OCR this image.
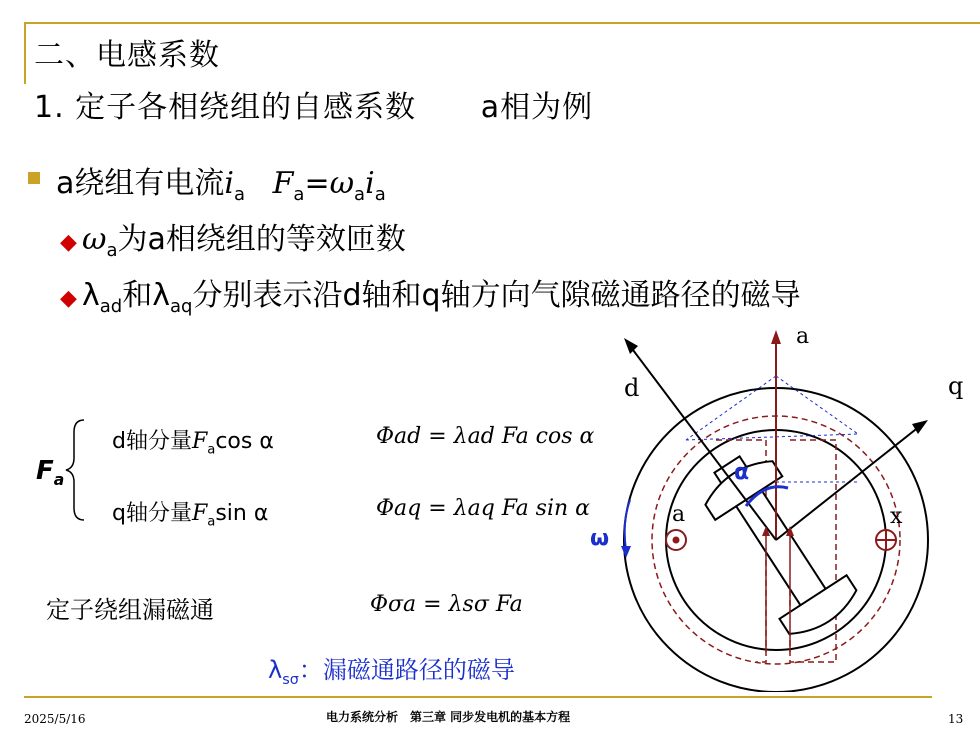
二、电感系数
1. 定子各相绕组的自感系数 a相为例
a绕组有电流$i_a$ $F_a=\omega_ai_a$
◆ $\omega_a$为a相绕组的等效匝数
◆ $\lambda_{ad}$和$\lambda_{aq}$分别表示沿d轴和q轴方向气隙磁通路径的磁导
$F_a$
d轴分量$F_a\cos$ α	Φad = λad Fa cos α
q轴分量$F_a\sin$ α	Φaq = λaq Fa sin α
定子绕组漏磁通	Φσa = λsσ Fa
$\lambda_{s\sigma}$：漏磁通路径的磁导
a
d	q
α
ω
a	x
2025/5/16	电力系统分析　第三章 同步发电机的基本方程	13
